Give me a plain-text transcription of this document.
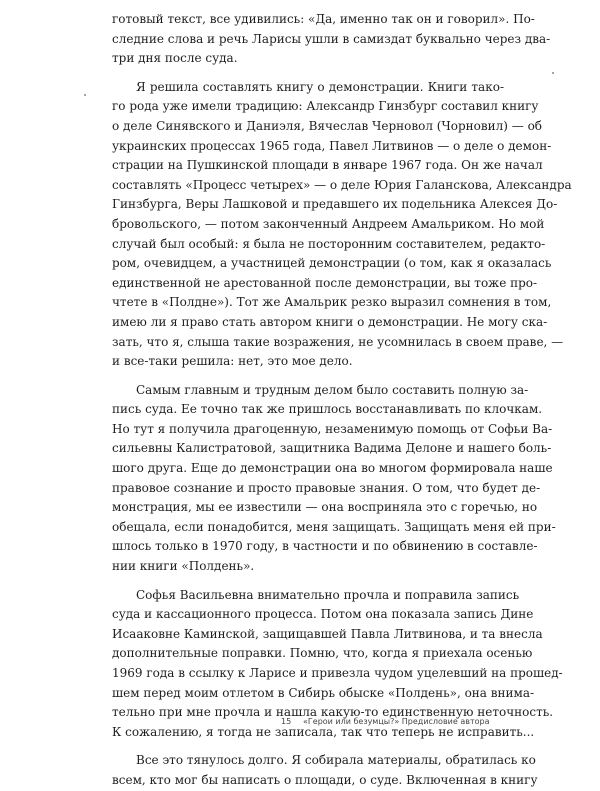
готовый текст, все удивились: «Да, именно так он и говорил». По-
следние слова и речь Ларисы ушли в самиздат буквально через два-
три дня после суда.

Я решила составлять книгу о демонстрации. Книги тако-
го рода уже имели традицию: Александр Гинзбург составил книгу
о деле Синявского и Даниэля, Вячеслав Черновол (Чорновил) — об
украинских процессах 1965 года, Павел Литвинов — о деле о демон-
страции на Пушкинской площади в январе 1967 года. Он же начал
составлять «Процесс четырех» — о деле Юрия Галанскова, Александра
Гинзбурга, Веры Лашковой и предавшего их подельника Алексея До-
бровольского, — потом законченный Андреем Амальриком. Но мой
случай был особый: я была не посторонним составителем, редакто-
ром, очевидцем, а участницей демонстрации (о том, как я оказалась
единственной не арестованной после демонстрации, вы тоже про-
чтете в «Полдне»). Тот же Амальрик резко выразил сомнения в том,
имею ли я право стать автором книги о демонстрации. Не могу ска-
зать, что я, слыша такие возражения, не усомнилась в своем праве, —
и все-таки решила: нет, это мое дело.

Самым главным и трудным делом было составить полную за-
пись суда. Ее точно так же пришлось восстанавливать по клочкам.
Но тут я получила драгоценную, незаменимую помощь от Софьи Ва-
сильевны Калистратовой, защитника Вадима Делоне и нашего боль-
шого друга. Еще до демонстрации она во многом формировала наше
правовое сознание и просто правовые знания. О том, что будет де-
монстрация, мы ее известили — она восприняла это с горечью, но
обещала, если понадобится, меня защищать. Защищать меня ей при-
шлось только в 1970 году, в частности и по обвинению в составле-
нии книги «Полдень».

Софья Васильевна внимательно прочла и поправила запись
суда и кассационного процесса. Потом она показала запись Дине
Исааковне Каминской, защищавшей Павла Литвинова, и та внесла
дополнительные поправки. Помню, что, когда я приехала осенью
1969 года в ссылку к Ларисе и привезла чудом уцелевший на прошед-
шем перед моим отлетом в Сибирь обыске «Полдень», она внима-
тельно при мне прочла и нашла какую-то единственную неточность.
К сожалению, я тогда не записала, так что теперь не исправить...

Все это тянулось долго. Я собирала материалы, обратилась ко
всем, кто мог бы написать о площади, о суде. Включенная в книгу

15 «Герои или безумцы?» Предисловие автора
